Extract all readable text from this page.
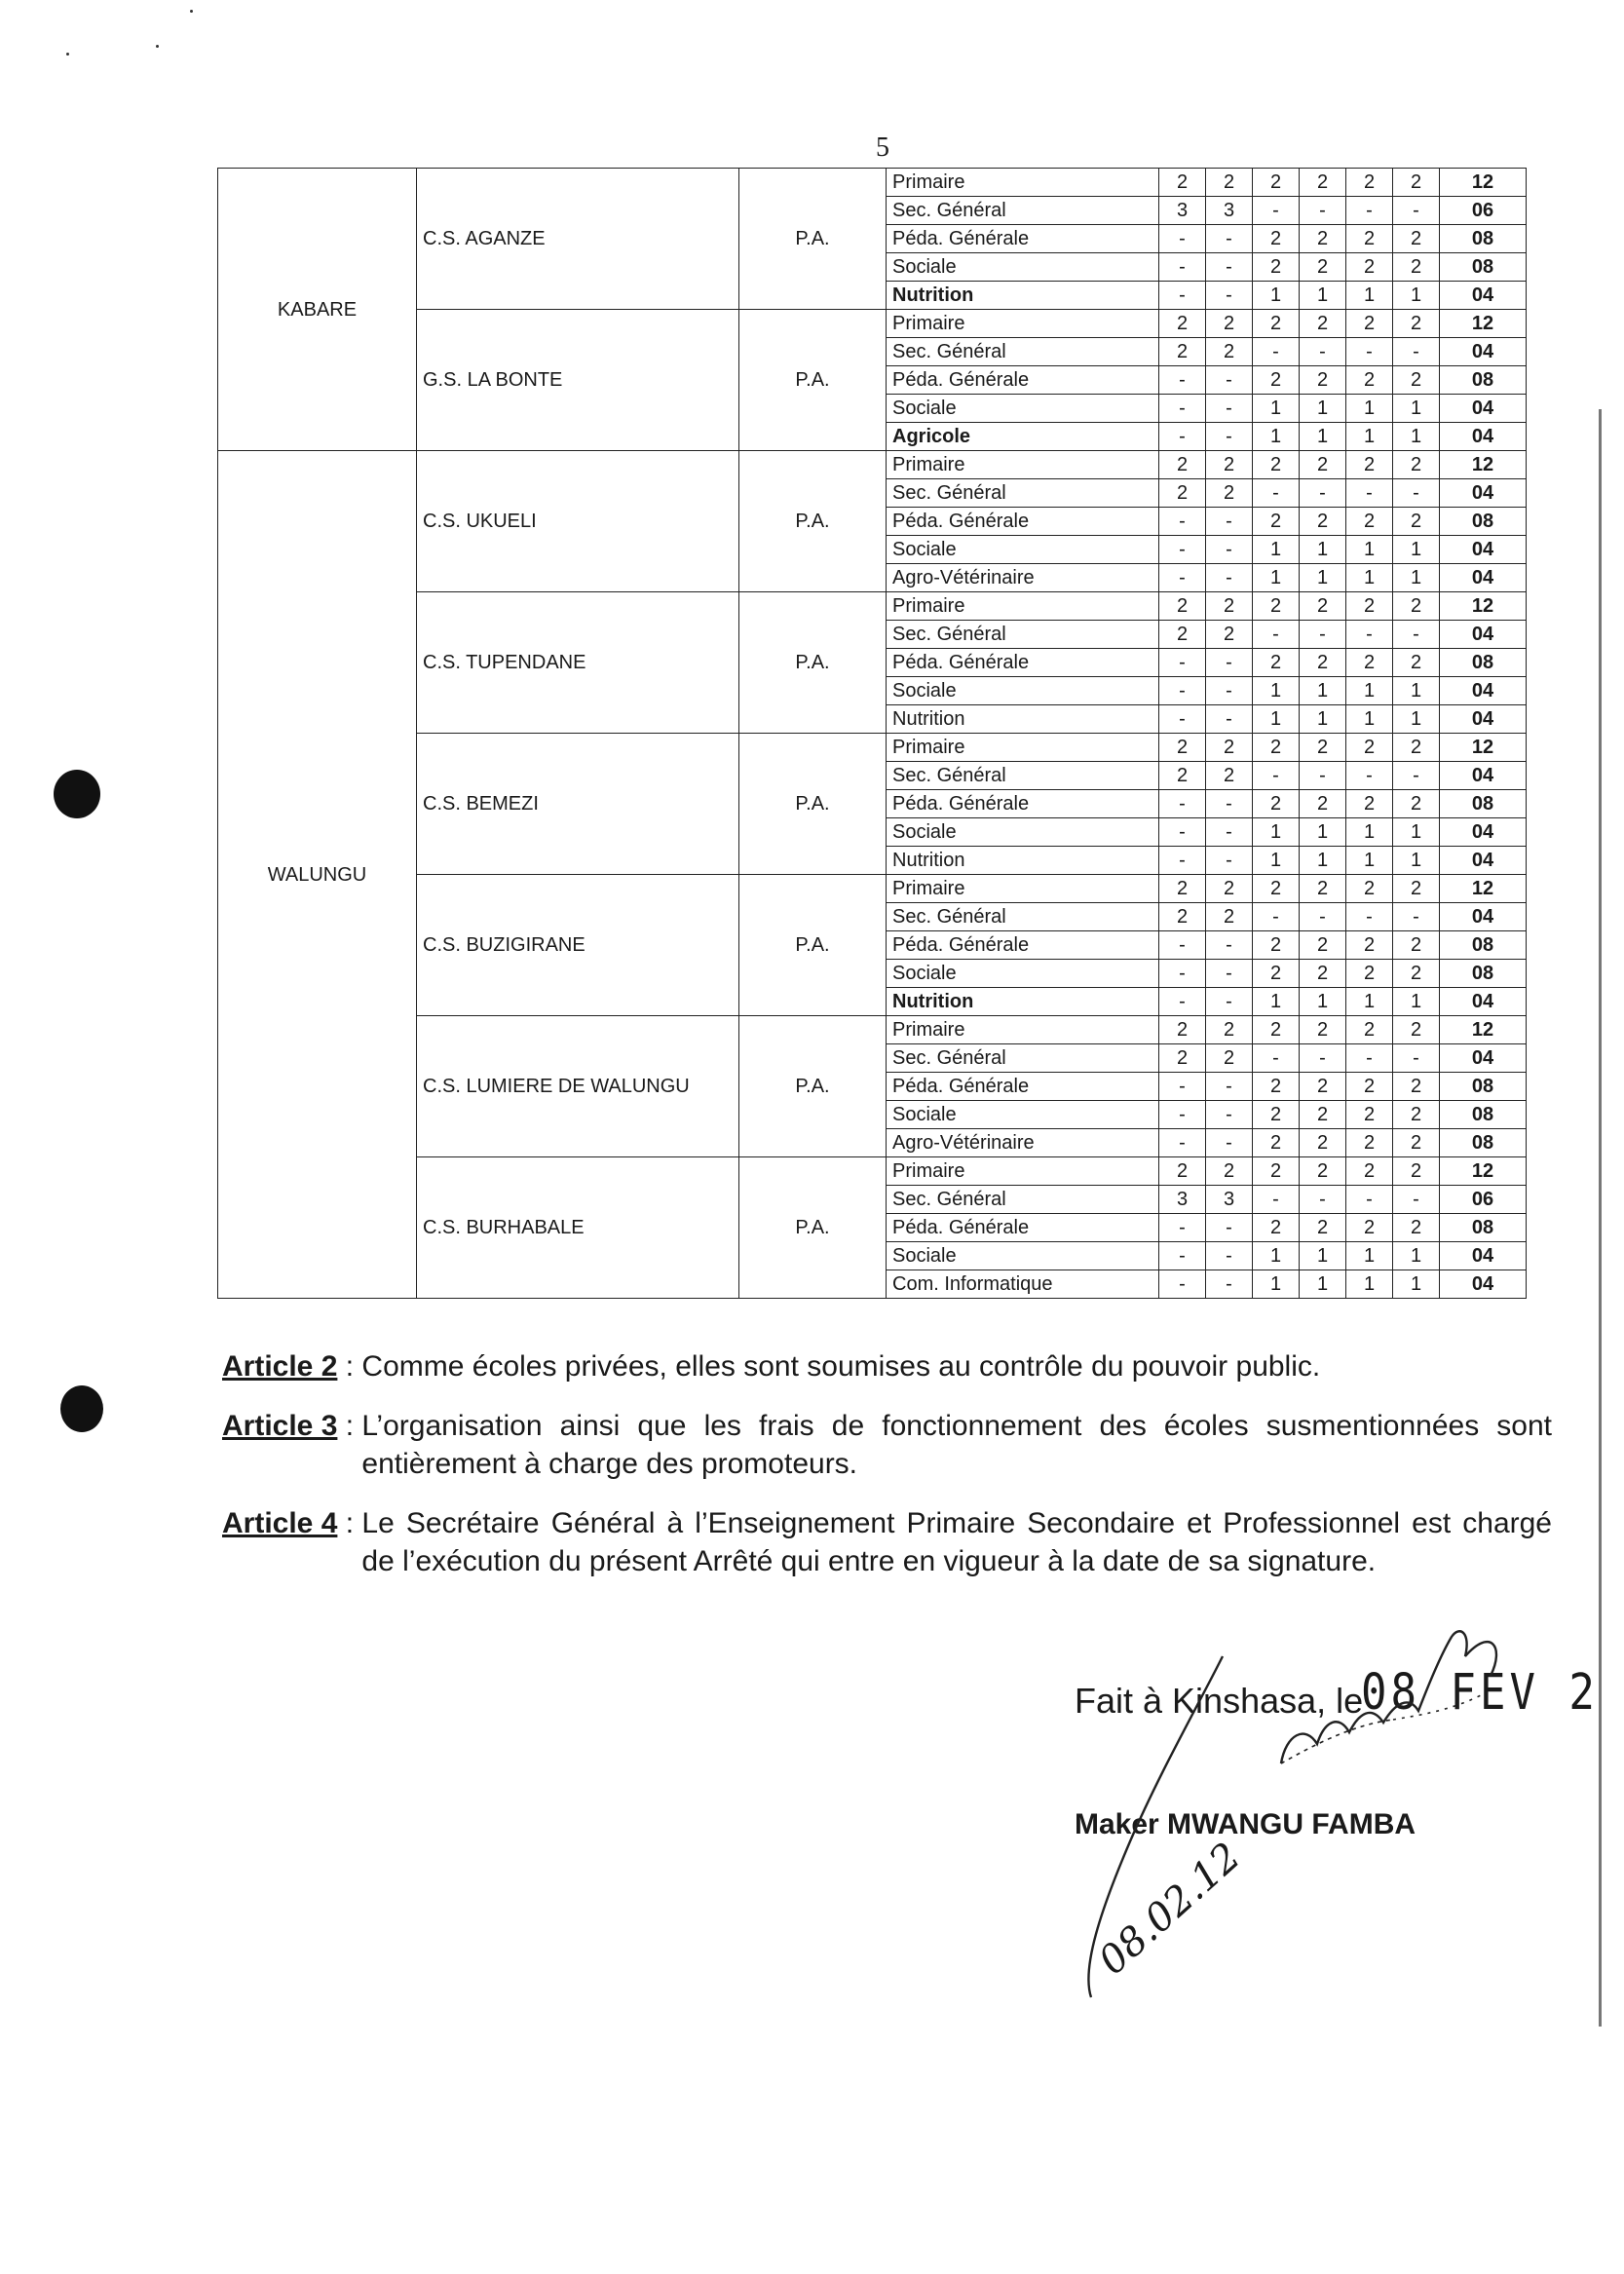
5
KABARE	C.S. AGANZE	P.A.	Primaire	2	2	2	2	2	2	12
			Sec. Général	3	3	-	-	-	-	06
			Péda. Générale	-	-	2	2	2	2	08
			Sociale	-	-	2	2	2	2	08
			Nutrition	-	-	1	1	1	1	04
	G.S. LA BONTE	P.A.	Primaire	2	2	2	2	2	2	12
			Sec. Général	2	2	-	-	-	-	04
			Péda. Générale	-	-	2	2	2	2	08
			Sociale	-	-	1	1	1	1	04
			Agricole	-	-	1	1	1	1	04
WALUNGU	C.S. UKUELI	P.A.	Primaire	2	2	2	2	2	2	12
			Sec. Général	2	2	-	-	-	-	04
			Péda. Générale	-	-	2	2	2	2	08
			Sociale	-	-	1	1	1	1	04
			Agro-Vétérinaire	-	-	1	1	1	1	04
	C.S. TUPENDANE	P.A.	Primaire	2	2	2	2	2	2	12
			Sec. Général	2	2	-	-	-	-	04
			Péda. Générale	-	-	2	2	2	2	08
			Sociale	-	-	1	1	1	1	04
			Nutrition	-	-	1	1	1	1	04
	C.S. BEMEZI	P.A.	Primaire	2	2	2	2	2	2	12
			Sec. Général	2	2	-	-	-	-	04
			Péda. Générale	-	-	2	2	2	2	08
			Sociale	-	-	1	1	1	1	04
			Nutrition	-	-	1	1	1	1	04
	C.S. BUZIGIRANE	P.A.	Primaire	2	2	2	2	2	2	12
			Sec. Général	2	2	-	-	-	-	04
			Péda. Générale	-	-	2	2	2	2	08
			Sociale	-	-	2	2	2	2	08
			Nutrition	-	-	1	1	1	1	04
	C.S. LUMIERE DE WALUNGU	P.A.	Primaire	2	2	2	2	2	2	12
			Sec. Général	2	2	-	-	-	-	04
			Péda. Générale	-	-	2	2	2	2	08
			Sociale	-	-	2	2	2	2	08
			Agro-Vétérinaire	-	-	2	2	2	2	08
	C.S. BURHABALE	P.A.	Primaire	2	2	2	2	2	2	12
			Sec. Général	3	3	-	-	-	-	06
			Péda. Générale	-	-	2	2	2	2	08
			Sociale	-	-	1	1	1	1	04
			Com. Informatique	-	-	1	1	1	1	04
Article 2 : Comme écoles privées, elles sont soumises au contrôle du pouvoir public.
Article 3 : L’organisation ainsi que les frais de fonctionnement des écoles susmentionnées sont entièrement à charge des promoteurs.
Article 4 : Le Secrétaire Général à l’Enseignement Primaire Secondaire et Professionnel est chargé de l’exécution du présent Arrêté qui entre en vigueur à la date de sa signature.
Fait à Kinshasa, le
08 FEV 2
Maker MWANGU FAMBA
08.02.12
